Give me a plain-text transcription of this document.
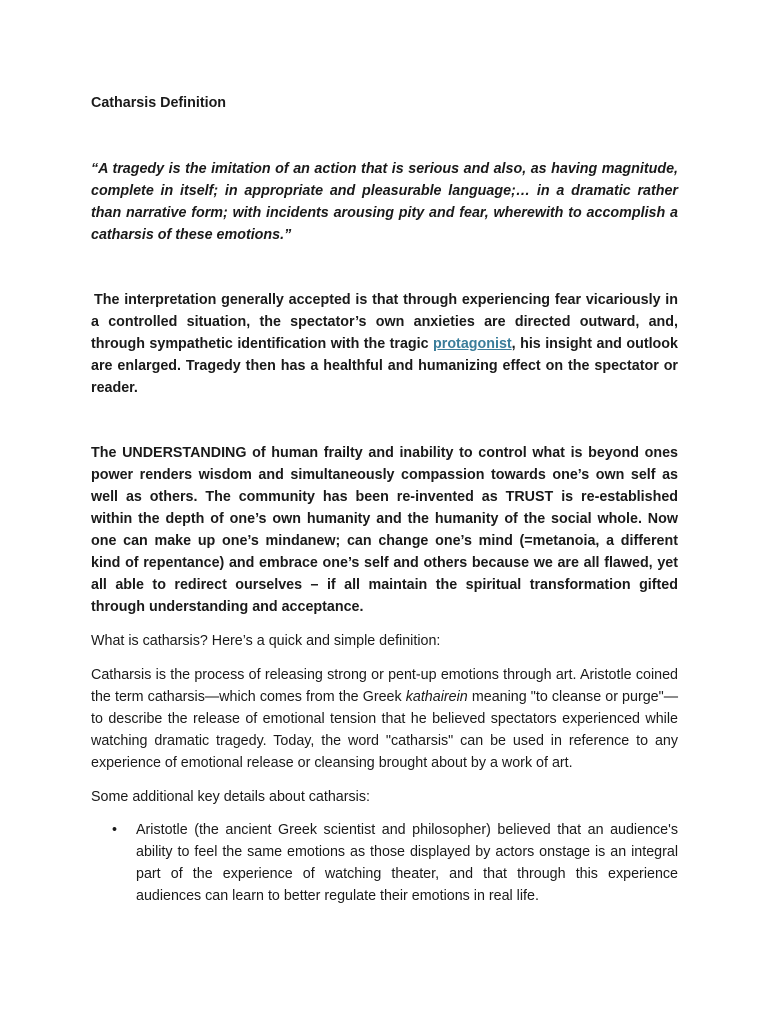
Catharsis Definition

“A tragedy is the imitation of an action that is serious and also, as having magnitude, complete in itself; in appropriate and pleasurable language;… in a dramatic rather than narrative form; with incidents arousing pity and fear, wherewith to accomplish a catharsis of these emotions.”

The interpretation generally accepted is that through experiencing fear vicariously in a controlled situation, the spectator’s own anxieties are directed outward, and, through sympathetic identification with the tragic protagonist, his insight and outlook are enlarged. Tragedy then has a healthful and humanizing effect on the spectator or reader.

The UNDERSTANDING of human frailty and inability to control what is beyond ones power renders wisdom and simultaneously compassion towards one’s own self as well as others. The community has been re-invented as TRUST is re-established within the depth of one’s own humanity and the humanity of the social whole. Now one can make up one’s mindanew; can change one’s mind (=metanoia, a different kind of repentance) and embrace one’s self and others because we are all flawed, yet all able to redirect ourselves – if all maintain the spiritual transformation gifted through understanding and acceptance.

What is catharsis? Here’s a quick and simple definition:

Catharsis is the process of releasing strong or pent-up emotions through art. Aristotle coined the term catharsis—which comes from the Greek kathairein meaning "to cleanse or purge"—to describe the release of emotional tension that he believed spectators experienced while watching dramatic tragedy. Today, the word "catharsis" can be used in reference to any experience of emotional release or cleansing brought about by a work of art.

Some additional key details about catharsis:

• Aristotle (the ancient Greek scientist and philosopher) believed that an audience's ability to feel the same emotions as those displayed by actors onstage is an integral part of the experience of watching theater, and that through this experience audiences can learn to better regulate their emotions in real life.
